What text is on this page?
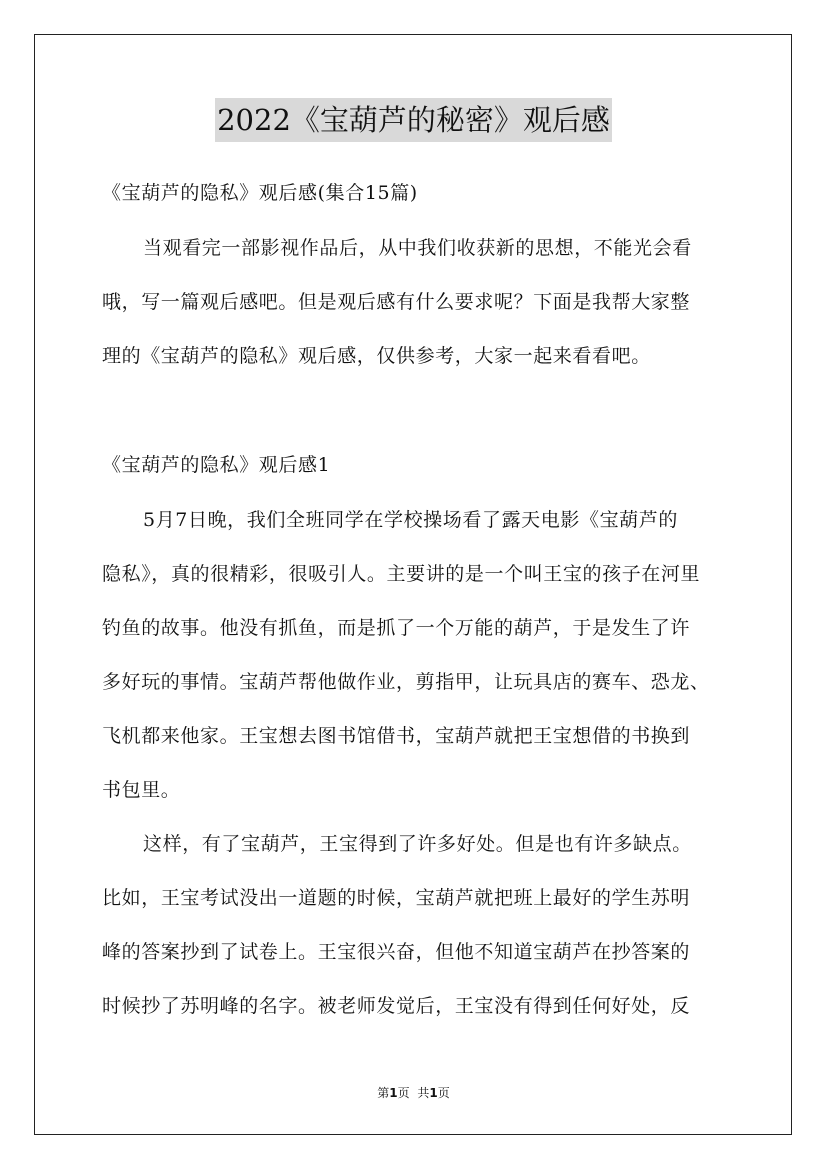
2022《宝葫芦的秘密》观后感
《宝葫芦的隐私》观后感(集合15篇)
当观看完一部影视作品后，从中我们收获新的思想，不能光会看
哦，写一篇观后感吧。但是观后感有什么要求呢？下面是我帮大家整
理的《宝葫芦的隐私》观后感，仅供参考，大家一起来看看吧。
《宝葫芦的隐私》观后感1
5月7日晚，我们全班同学在学校操场看了露天电影《宝葫芦的
隐私》，真的很精彩，很吸引人。主要讲的是一个叫王宝的孩子在河里
钓鱼的故事。他没有抓鱼，而是抓了一个万能的葫芦，于是发生了许
多好玩的事情。宝葫芦帮他做作业，剪指甲，让玩具店的赛车、恐龙、
飞机都来他家。王宝想去图书馆借书，宝葫芦就把王宝想借的书换到
书包里。
这样，有了宝葫芦，王宝得到了许多好处。但是也有许多缺点。
比如，王宝考试没出一道题的时候，宝葫芦就把班上最好的学生苏明
峰的答案抄到了试卷上。王宝很兴奋，但他不知道宝葫芦在抄答案的
时候抄了苏明峰的名字。被老师发觉后，王宝没有得到任何好处，反
第1页 共1页
